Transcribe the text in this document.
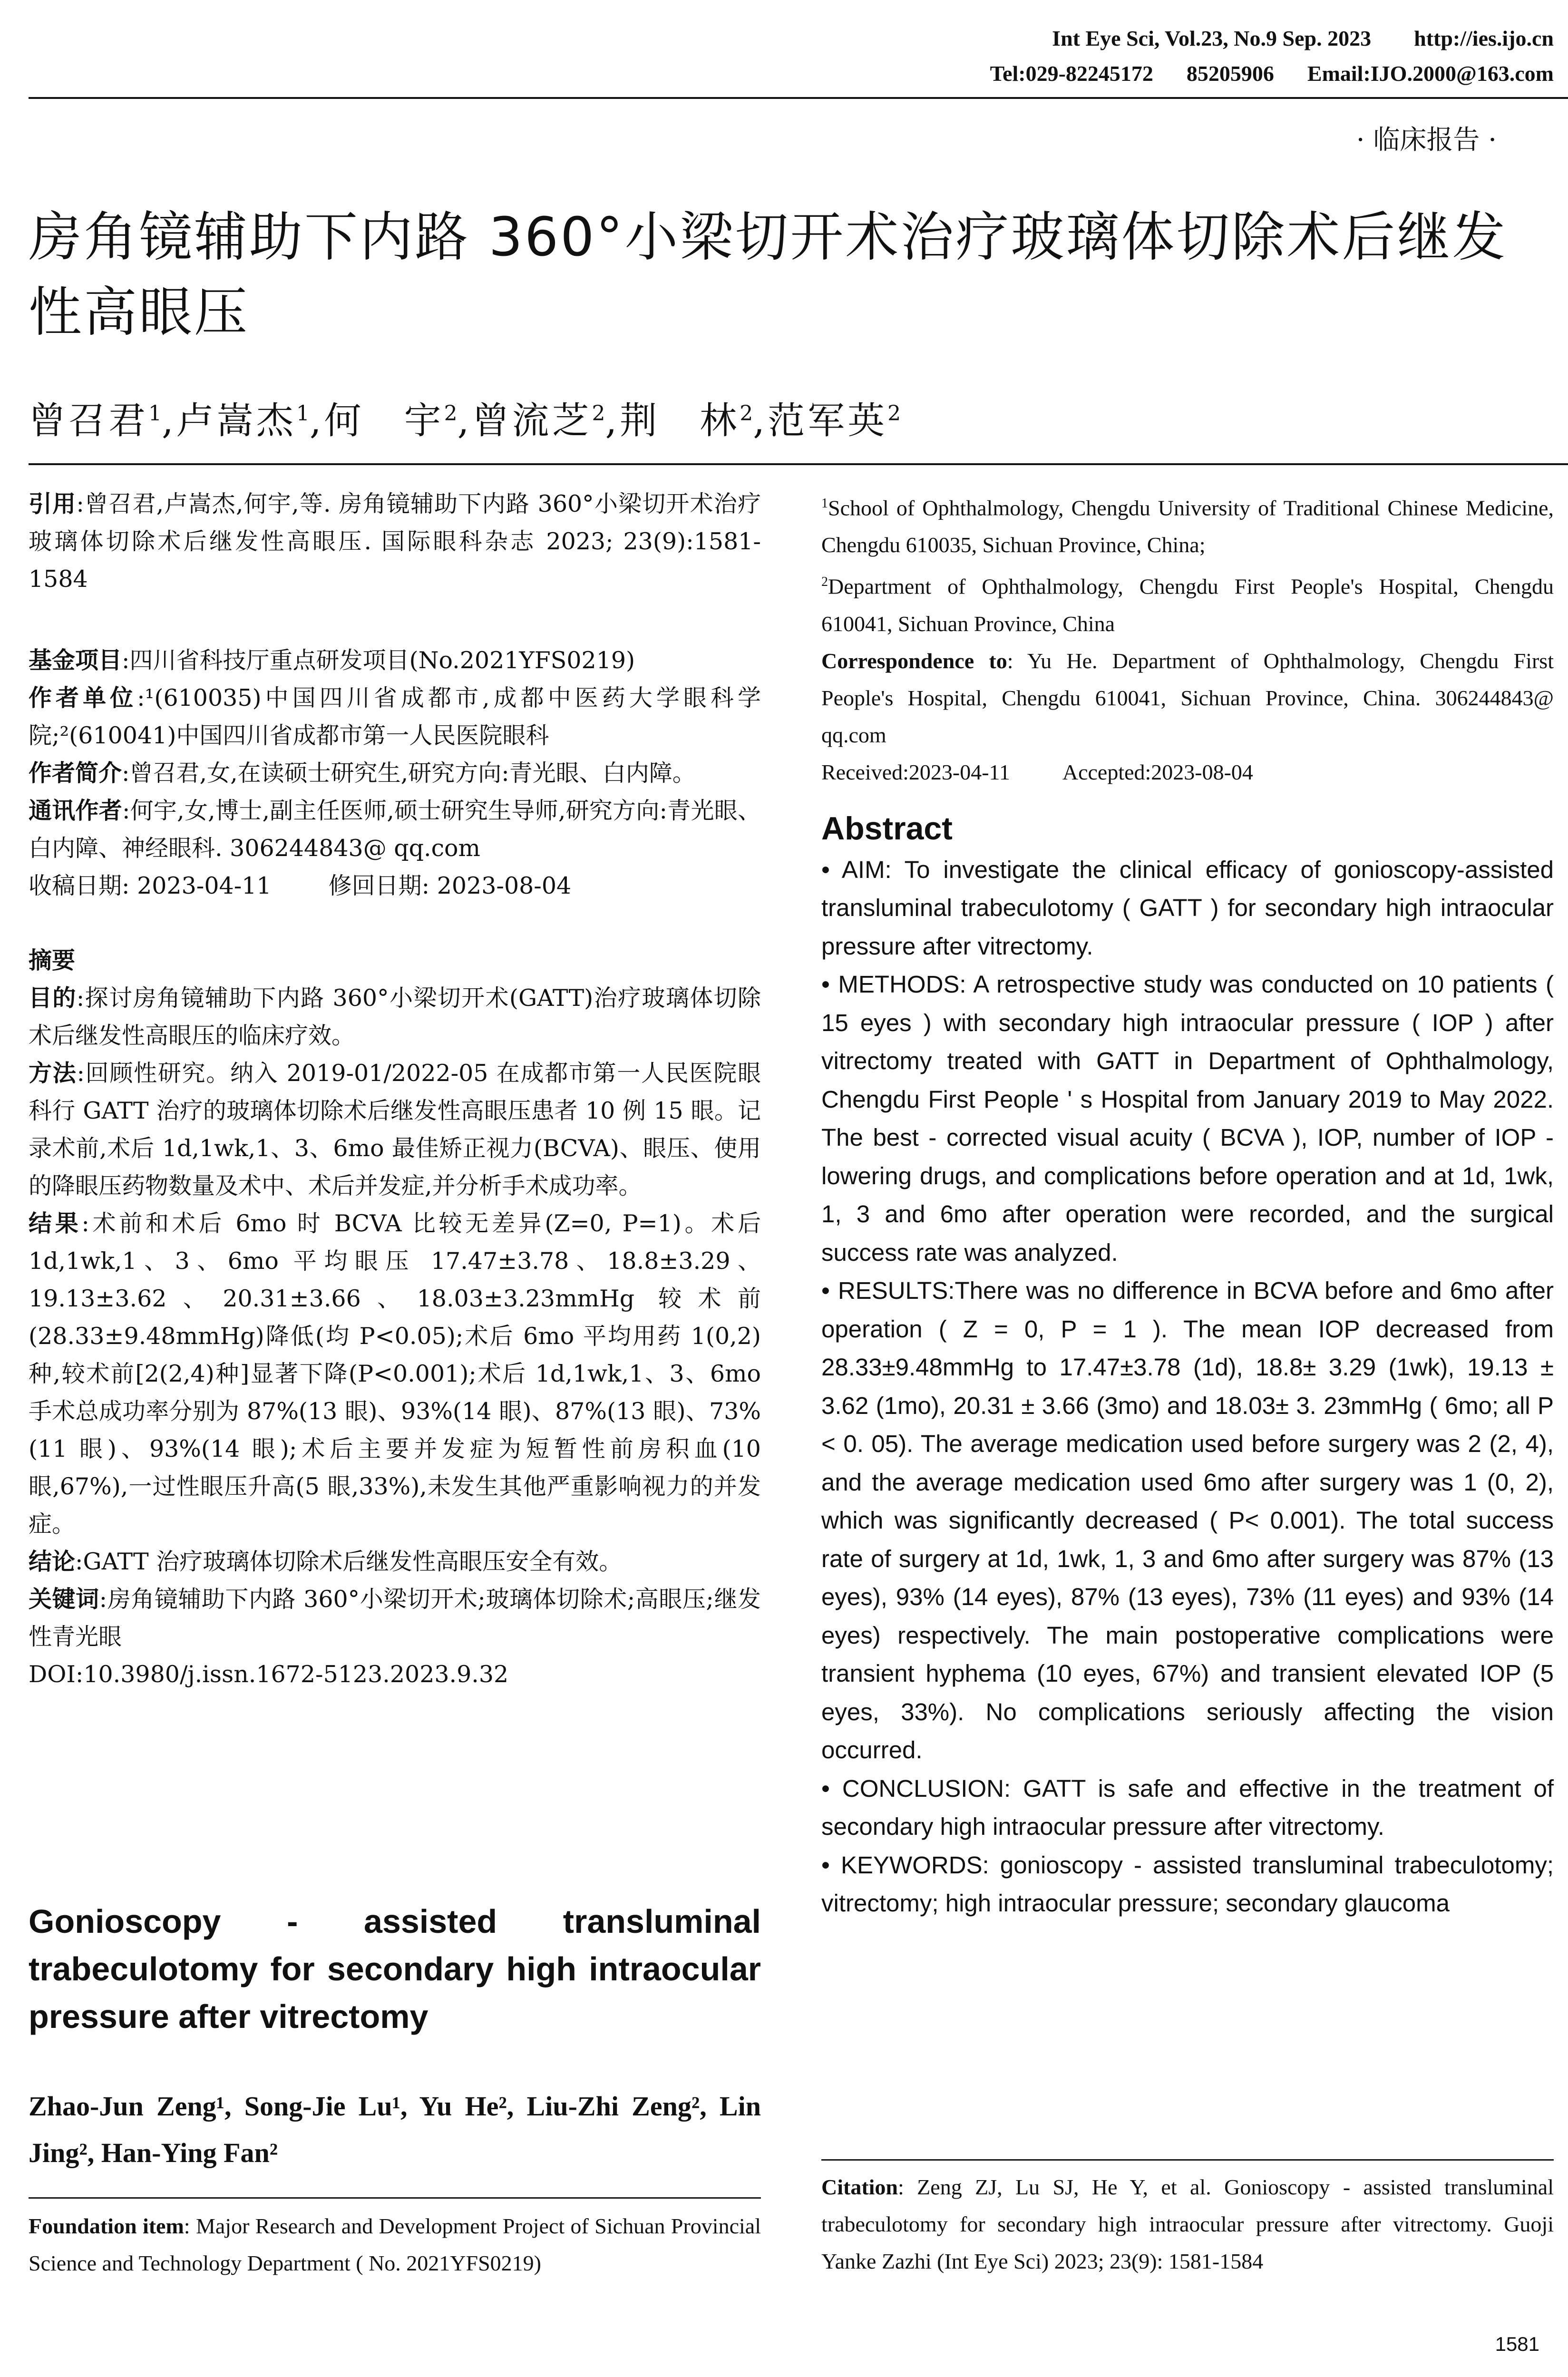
Int Eye Sci, Vol.23, No.9 Sep. 2023 http://ies.ijo.cn
Tel:029-82245172 85205906 Email:IJO.2000@163.com
· 临床报告 ·
房角镜辅助下内路 360°小梁切开术治疗玻璃体切除术后继发性高眼压
曾召君$^1$,卢嵩杰$^1$,何　宇$^2$,曾流芝$^2$,荆　林$^2$,范军英$^2$

引用:曾召君,卢嵩杰,何宇,等. 房角镜辅助下内路 360°小梁切开术治疗玻璃体切除术后继发性高眼压. 国际眼科杂志 2023; 23(9):1581-1584

基金项目:四川省科技厅重点研发项目(No.2021YFS0219)

作者单位:¹(610035)中国四川省成都市,成都中医药大学眼科学院;²(610041)中国四川省成都市第一人民医院眼科

作者简介:曾召君,女,在读硕士研究生,研究方向:青光眼、白内障。

通讯作者:何宇,女,博士,副主任医师,硕士研究生导师,研究方向:青光眼、白内障、神经眼科. 306244843@ qq.com

收稿日期: 2023-04-11 修回日期: 2023-08-04

摘要

目的:探讨房角镜辅助下内路 360°小梁切开术(GATT)治疗玻璃体切除术后继发性高眼压的临床疗效。

方法:回顾性研究。纳入 2019-01/2022-05 在成都市第一人民医院眼科行 GATT 治疗的玻璃体切除术后继发性高眼压患者 10 例 15 眼。记录术前,术后 1d,1wk,1、3、6mo 最佳矫正视力(BCVA)、眼压、使用的降眼压药物数量及术中、术后并发症,并分析手术成功率。

结果:术前和术后 6mo 时 BCVA 比较无差异(Z=0, P=1)。术后 1d,1wk,1、3、6mo 平均眼压 17.47±3.78、18.8±3.29、19.13±3.62、20.31±3.66、18.03±3.23mmHg 较术前(28.33±9.48mmHg)降低(均 P<0.05);术后 6mo 平均用药 1(0,2)种,较术前[2(2,4)种]显著下降(P<0.001);术后 1d,1wk,1、3、6mo 手术总成功率分别为 87%(13 眼)、93%(14 眼)、87%(13 眼)、73%(11 眼)、93%(14 眼);术后主要并发症为短暂性前房积血(10 眼,67%),一过性眼压升高(5 眼,33%),未发生其他严重影响视力的并发症。

结论:GATT 治疗玻璃体切除术后继发性高眼压安全有效。

关键词:房角镜辅助下内路 360°小梁切开术;玻璃体切除术;高眼压;继发性青光眼

DOI:10.3980/j.issn.1672-5123.2023.9.32

Gonioscopy - assisted transluminal trabeculotomy for secondary high intraocular pressure after vitrectomy
Zhao-Jun Zeng¹, Song-Jie Lu¹, Yu He², Liu-Zhi Zeng², Lin Jing², Han-Ying Fan²

Foundation item: Major Research and Development Project of Sichuan Provincial Science and Technology Department ( No. 2021YFS0219)

$^1$School of Ophthalmology, Chengdu University of Traditional Chinese Medicine, Chengdu 610035, Sichuan Province, China;

$^2$Department of Ophthalmology, Chengdu First People's Hospital, Chengdu 610041, Sichuan Province, China

Correspondence to: Yu He. Department of Ophthalmology, Chengdu First People's Hospital, Chengdu 610041, Sichuan Province, China. 306244843@ qq.com

Received:2023-04-11 Accepted:2023-08-04

Abstract

• AIM: To investigate the clinical efficacy of gonioscopy-assisted transluminal trabeculotomy ( GATT ) for secondary high intraocular pressure after vitrectomy.

• METHODS: A retrospective study was conducted on 10 patients ( 15 eyes ) with secondary high intraocular pressure ( IOP ) after vitrectomy treated with GATT in Department of Ophthalmology, Chengdu First People ' s Hospital from January 2019 to May 2022. The best - corrected visual acuity ( BCVA ), IOP, number of IOP - lowering drugs, and complications before operation and at 1d, 1wk, 1, 3 and 6mo after operation were recorded, and the surgical success rate was analyzed.

• RESULTS:There was no difference in BCVA before and 6mo after operation ( Z = 0, P = 1 ). The mean IOP decreased from 28.33±9.48mmHg to 17.47±3.78 (1d), 18.8± 3.29 (1wk), 19.13 ± 3.62 (1mo), 20.31 ± 3.66 (3mo) and 18.03± 3. 23mmHg ( 6mo; all P < 0. 05). The average medication used before surgery was 2 (2, 4), and the average medication used 6mo after surgery was 1 (0, 2), which was significantly decreased ( P< 0.001). The total success rate of surgery at 1d, 1wk, 1, 3 and 6mo after surgery was 87% (13 eyes), 93% (14 eyes), 87% (13 eyes), 73% (11 eyes) and 93% (14 eyes) respectively. The main postoperative complications were transient hyphema (10 eyes, 67%) and transient elevated IOP (5 eyes, 33%). No complications seriously affecting the vision occurred.

• CONCLUSION: GATT is safe and effective in the treatment of secondary high intraocular pressure after vitrectomy.

• KEYWORDS: gonioscopy - assisted transluminal trabeculotomy; vitrectomy; high intraocular pressure; secondary glaucoma

Citation: Zeng ZJ, Lu SJ, He Y, et al. Gonioscopy - assisted transluminal trabeculotomy for secondary high intraocular pressure after vitrectomy. Guoji Yanke Zazhi (Int Eye Sci) 2023; 23(9): 1581-1584

1581
